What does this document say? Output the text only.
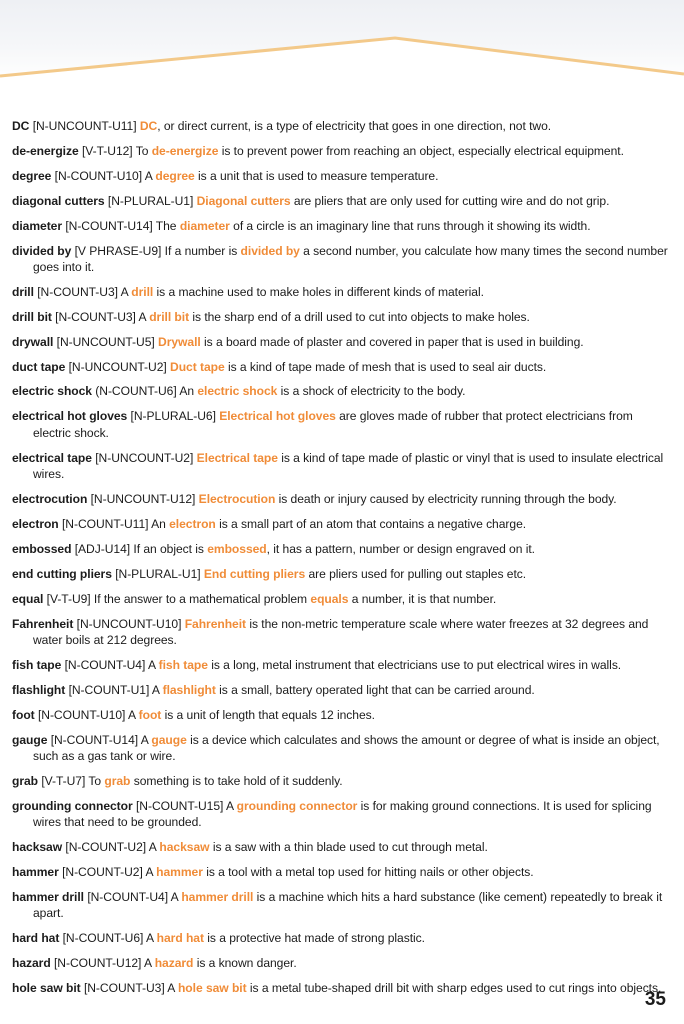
DC [N-UNCOUNT-U11] DC, or direct current, is a type of electricity that goes in one direction, not two.
de-energize [V-T-U12] To de-energize is to prevent power from reaching an object, especially electrical equipment.
degree [N-COUNT-U10] A degree is a unit that is used to measure temperature.
diagonal cutters [N-PLURAL-U1] Diagonal cutters are pliers that are only used for cutting wire and do not grip.
diameter [N-COUNT-U14] The diameter of a circle is an imaginary line that runs through it showing its width.
divided by [V PHRASE-U9] If a number is divided by a second number, you calculate how many times the second number goes into it.
drill [N-COUNT-U3] A drill is a machine used to make holes in different kinds of material.
drill bit [N-COUNT-U3] A drill bit is the sharp end of a drill used to cut into objects to make holes.
drywall [N-UNCOUNT-U5] Drywall is a board made of plaster and covered in paper that is used in building.
duct tape [N-UNCOUNT-U2] Duct tape is a kind of tape made of mesh that is used to seal air ducts.
electric shock (N-COUNT-U6] An electric shock is a shock of electricity to the body.
electrical hot gloves [N-PLURAL-U6] Electrical hot gloves are gloves made of rubber that protect electricians from electric shock.
electrical tape [N-UNCOUNT-U2] Electrical tape is a kind of tape made of plastic or vinyl that is used to insulate electrical wires.
electrocution [N-UNCOUNT-U12] Electrocution is death or injury caused by electricity running through the body.
electron [N-COUNT-U11] An electron is a small part of an atom that contains a negative charge.
embossed [ADJ-U14] If an object is embossed, it has a pattern, number or design engraved on it.
end cutting pliers [N-PLURAL-U1] End cutting pliers are pliers used for pulling out staples etc.
equal [V-T-U9] If the answer to a mathematical problem equals a number, it is that number.
Fahrenheit [N-UNCOUNT-U10] Fahrenheit is the non-metric temperature scale where water freezes at 32 degrees and water boils at 212 degrees.
fish tape [N-COUNT-U4] A fish tape is a long, metal instrument that electricians use to put electrical wires in walls.
flashlight [N-COUNT-U1] A flashlight is a small, battery operated light that can be carried around.
foot [N-COUNT-U10] A foot is a unit of length that equals 12 inches.
gauge [N-COUNT-U14] A gauge is a device which calculates and shows the amount or degree of what is inside an object, such as a gas tank or wire.
grab [V-T-U7] To grab something is to take hold of it suddenly.
grounding connector [N-COUNT-U15] A grounding connector is for making ground connections. It is used for splicing wires that need to be grounded.
hacksaw [N-COUNT-U2] A hacksaw is a saw with a thin blade used to cut through metal.
hammer [N-COUNT-U2] A hammer is a tool with a metal top used for hitting nails or other objects.
hammer drill [N-COUNT-U4] A hammer drill is a machine which hits a hard substance (like cement) repeatedly to break it apart.
hard hat [N-COUNT-U6] A hard hat is a protective hat made of strong plastic.
hazard [N-COUNT-U12] A hazard is a known danger.
hole saw bit [N-COUNT-U3] A hole saw bit is a metal tube-shaped drill bit with sharp edges used to cut rings into objects.
35
